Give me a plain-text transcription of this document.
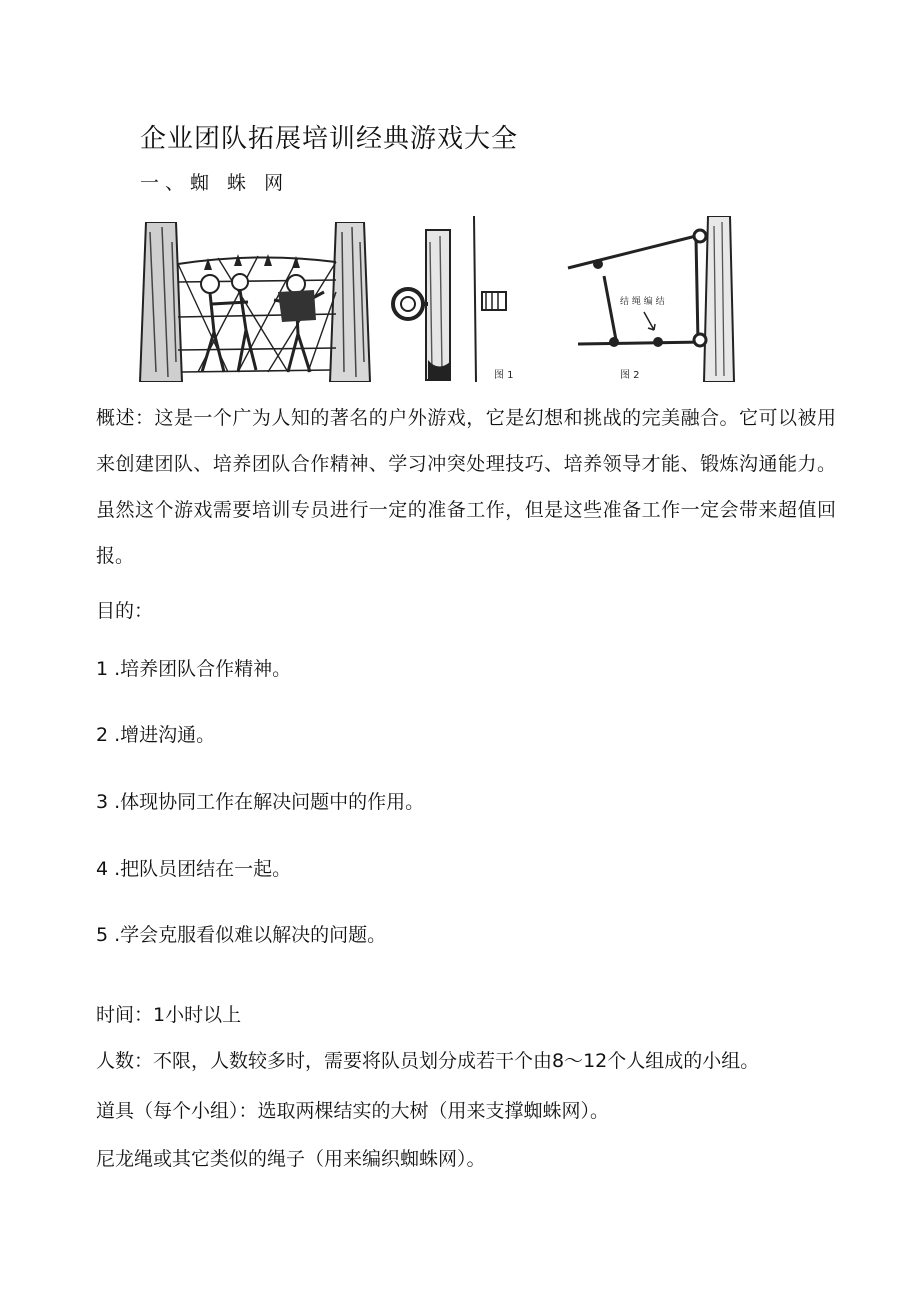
企业团队拓展培训经典游戏大全
一、蜘 蛛 网
结 绳 编 结
图 1	图 2
概述：这是一个广为人知的著名的户外游戏，它是幻想和挑战的完美融合。它可以被用来创建团队、培养团队合作精神、学习冲突处理技巧、培养领导才能、锻炼沟通能力。虽然这个游戏需要培训专员进行一定的准备工作，但是这些准备工作一定会带来超值回报。
目的：
1 .培养团队合作精神。
2 .增进沟通。
3 .体现协同工作在解决问题中的作用。
4 .把队员团结在一起。
5 .学会克服看似难以解决的问题。
时间：1小时以上
人数：不限，人数较多时，需要将队员划分成若干个由8〜12个人组成的小组。
道具（每个小组）：选取两棵结实的大树（用来支撑蜘蛛网）。
尼龙绳或其它类似的绳子（用来编织蜘蛛网）。
